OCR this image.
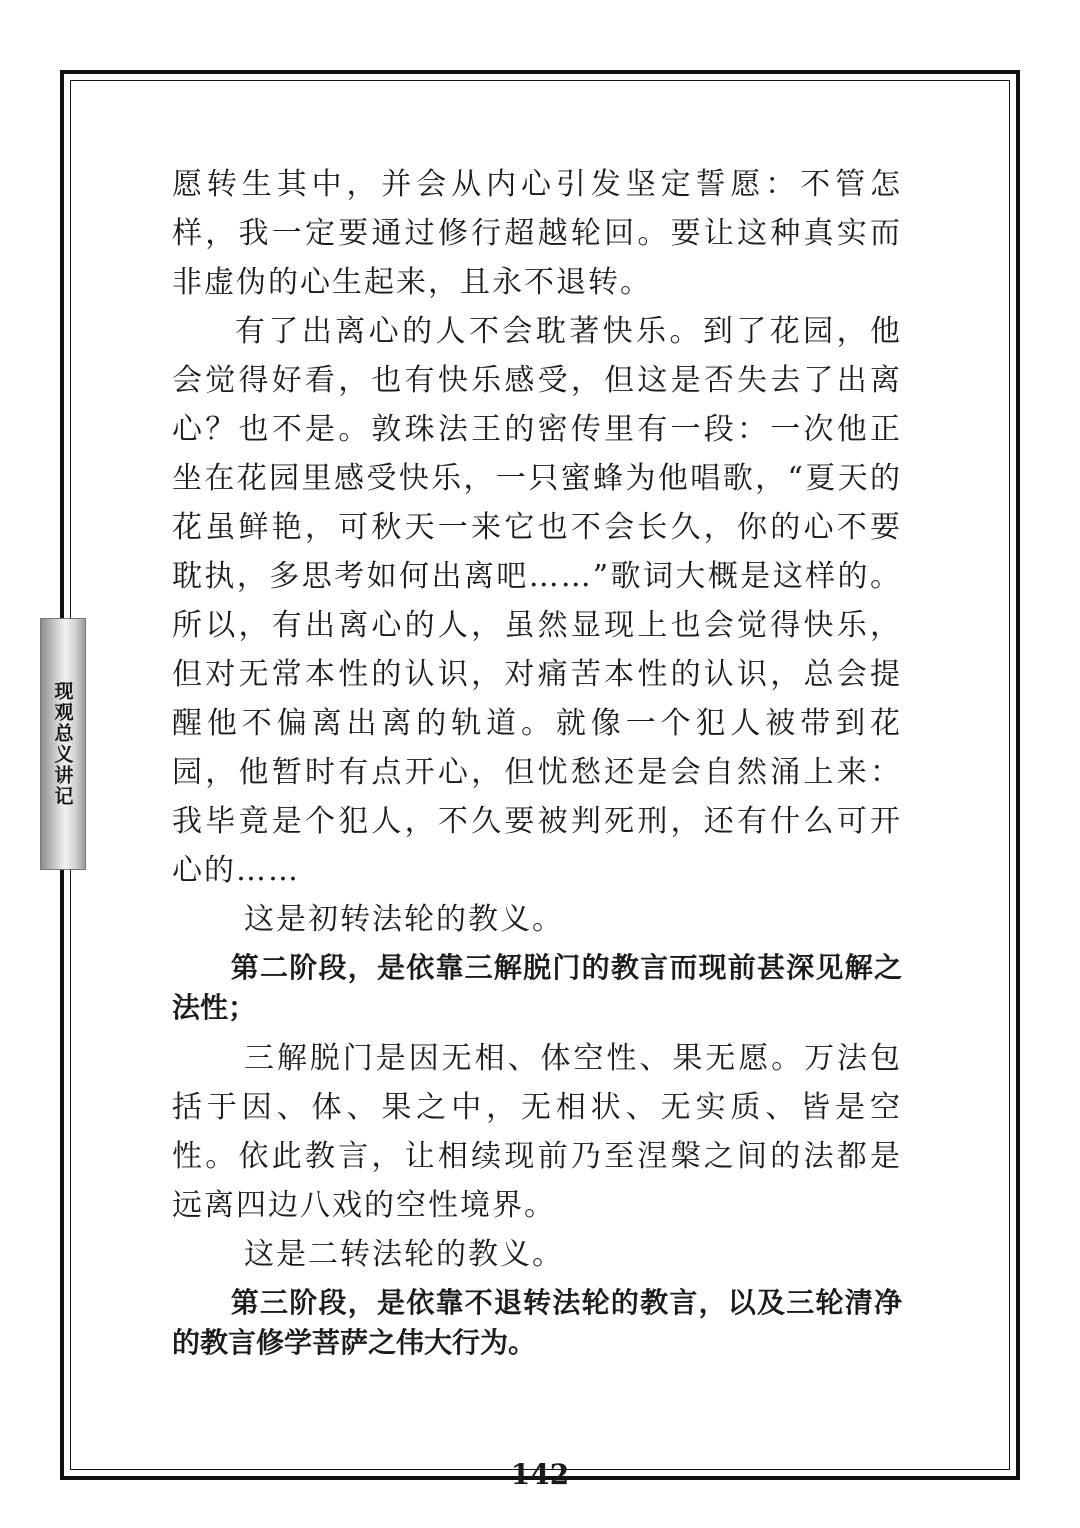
现观总义讲记

愿转生其中，并会从内心引发坚定誓愿：不管怎样，我一定要通过修行超越轮回。要让这种真实而非虚伪的心生起来，且永不退转。

有了出离心的人不会耽著快乐。到了花园，他会觉得好看，也有快乐感受，但这是否失去了出离心？也不是。敦珠法王的密传里有一段：一次他正坐在花园里感受快乐，一只蜜蜂为他唱歌，“夏天的花虽鲜艳，可秋天一来它也不会长久，你的心不要耽执，多思考如何出离吧……”歌词大概是这样的。所以，有出离心的人，虽然显现上也会觉得快乐，但对无常本性的认识，对痛苦本性的认识，总会提醒他不偏离出离的轨道。就像一个犯人被带到花园，他暂时有点开心，但忧愁还是会自然涌上来：我毕竟是个犯人，不久要被判死刑，还有什么可开心的……

这是初转法轮的教义。

第二阶段，是依靠三解脱门的教言而现前甚深见解之法性；

三解脱门是因无相、体空性、果无愿。万法包括于因、体、果之中，无相状、无实质、皆是空性。依此教言，让相续现前乃至涅槃之间的法都是远离四边八戏的空性境界。

这是二转法轮的教义。

第三阶段，是依靠不退转法轮的教言，以及三轮清净的教言修学菩萨之伟大行为。

142
